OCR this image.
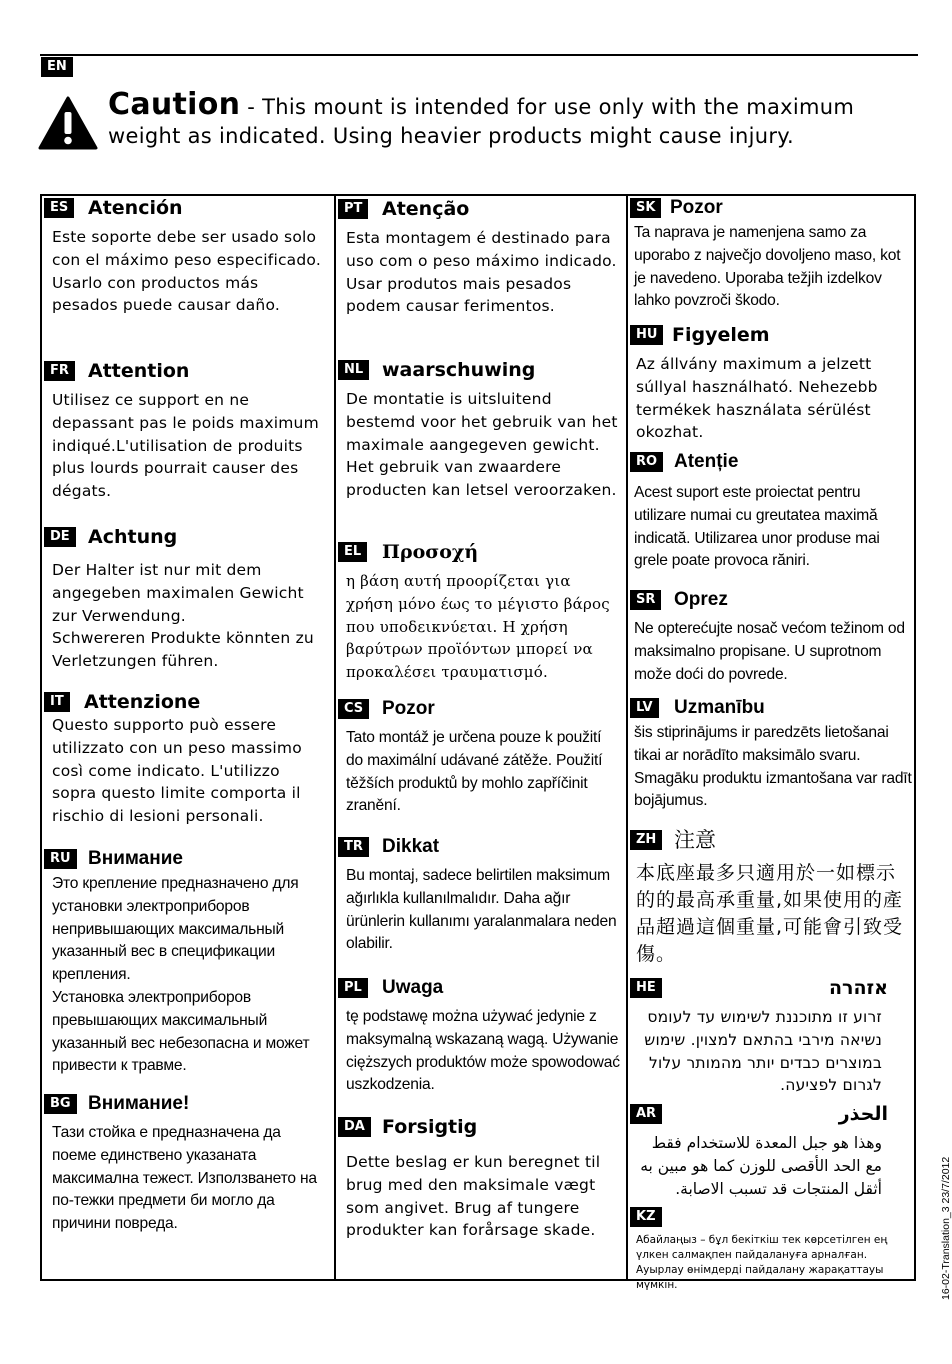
EN
Caution - This mount is intended for use only with the maximum weight as indicated. Using heavier products might cause injury.
ES	Atención
Este soporte debe ser usado solo con el máximo peso especificado. Usarlo con productos más pesados puede causar daño.
FR	Attention
Utilisez ce support en ne depassant pas le poids maximum indiqué.L'utilisation de produits plus lourds pourrait causer des dégats.
DE Achtung
Der Halter ist nur mit dem angegeben maximalen Gewicht zur Verwendung.
Schwereren Produkte könnten zu Verletzungen führen.
IT	Attenzione
Questo supporto può essere utilizzato con un peso massimo così come indicato. L'utilizzo sopra questo limite comporta il rischio di lesioni personali.
RU Внимание
Это крепление предназначено для установки электроприборов непривышающих максимальный указанный вес в спецификации крепления.
Установка электроприборов превышающих максимальный указанный вес небезопасна и может привести к травме.
BG Внимание!
Тази стойка е предназначена да поеме единствено указаната максимална тежест. Използването на по-тежки предмети би могло да причини повреда.
PT	Atenção
Esta montagem é destinado para uso com o peso máximo indicado. Usar produtos mais pesados podem causar ferimentos.
NL waarschuwing
De montatie is uitsluitend bestemd voor het gebruik van het maximale aangegeven gewicht. Het gebruik van zwaardere producten kan letsel veroorzaken.
EL	Προσοχή
η βάση αυτή προορίζεται για χρήση μόνο έως το μέγιστο βάρος που υποδεικνύεται. Η χρήση βαρύτρων προϊόντων μπορεί να προκαλέσει τραυματισμό.
CS Pozor
Tato montáž je určena pouze k použití do maximální udávané zátěže. Použití těžších produktů by mohlo zapříčinit zranění.
TR	Dikkat
Bu montaj, sadece belirtilen maksimum ağırlıkla kullanılmalıdır. Daha ağır ürünlerin kullanımı yaralanmalara neden olabilir.
PL	Uwaga
tę podstawę można używać jedynie z maksymalną wskazaną wagą. Używanie cięższych produktów może spowodować uszkodzenia.
DA Forsigtig
Dette beslag er kun beregnet til brug med den maksimale vægt som angivet. Brug af tungere produkter kan forårsage skade.
SK Pozor
Ta naprava je namenjena samo za uporabo z največjo dovoljeno maso, kot je navedeno. Uporaba težjih izdelkov lahko povzroči škodo.
HU Figyelem
Az állvány maximum a jelzett súllyal használható. Nehezebb termékek használata sérülést okozhat.
RO Atenție
Acest suport este proiectat pentru utilizare numai cu greutatea maximă indicată. Utilizarea unor produse mai grele poate provoca răniri.
SR Oprez
Ne opterećujte nosač većom težinom od maksimalno propisane. U suprotnom može doći do povrede.
LV	Uzmanību
šis stiprinājums ir paredzēts lietošanai tikai ar norādīto maksimālo svaru. Smagāku produktu izmantošana var radīt bojājumus.
ZH 注意
本底座最多只適用於一如標示的的最高承重量,如果使用的產品超過這個重量,可能會引致受傷。
HE	אזהרה
זרוע זו מתוכננת לשימוש עד לעומס נשיאה מירבי בהתאם למצוין. שימוש במוצרים כבדים יותר מהמותר עלול לגרום לפציעה.
AR	الحذر
وهذا هو جبل المعدة للاستخدام فقط مع الحد الأقصى للوزن كما هو مبين به أثقل المنتجات قد تسبب الاصابة.
KZ
Абайлаңыз – бұл бекіткіш тек көрсетілген ең үлкен салмақпен пайдалануға арналған. Ауырлау өнімдерді пайдалану жарақаттауы мүмкін.	16-02-Translation_3 23/7/2012
